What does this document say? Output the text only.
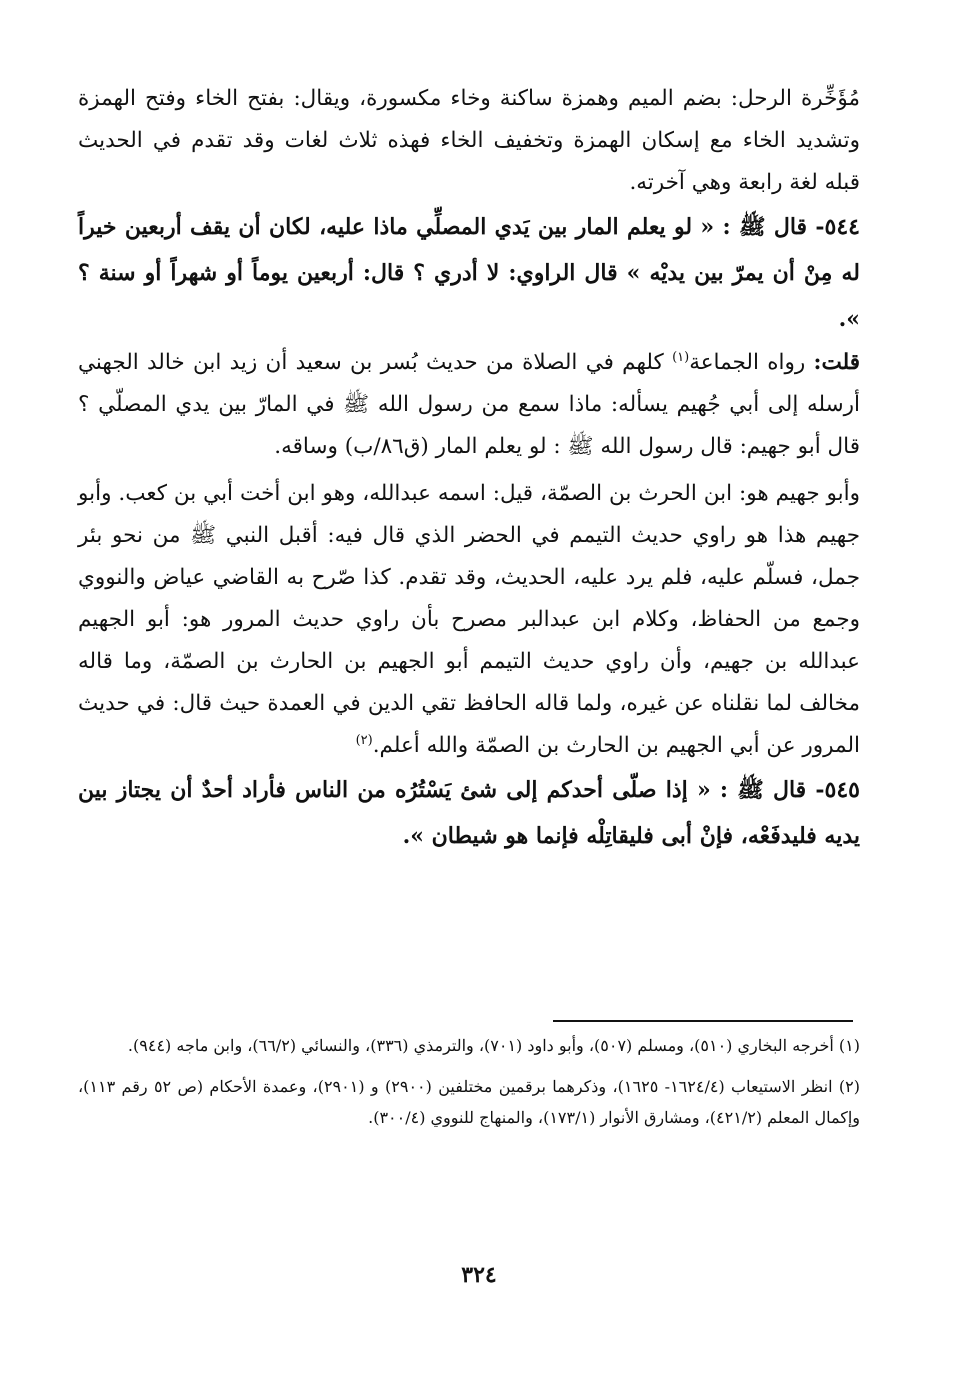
مُؤَخِّرة الرحل: بضم الميم وهمزة ساكنة وخاء مكسورة، ويقال: بفتح الخاء وفتح الهمزة وتشديد الخاء مع إسكان الهمزة وتخفيف الخاء فهذه ثلاث لغات وقد تقدم في الحديث قبله لغة رابعة وهي آخرته.

٥٤٤- قال ﷺ : « لو يعلم المار بين يَدي المصلِّي ماذا عليه، لكان أن يقف أربعين خيراً له مِنْ أن يمرّ بين يديْه » قال الراوي: لا أدري ؟ قال: أربعين يوماً أو شهراً أو سنة ؟ ».

قلت: رواه الجماعة$^{(١)}$ كلهم في الصلاة من حديث بُسر بن سعيد أن زيد ابن خالد الجهني أرسله إلى أبي جُهيم يسأله: ماذا سمع من رسول الله ﷺ في المارّ بين يدي المصلّي ؟ قال أبو جهيم: قال رسول الله ﷺ : لو يعلم المار (ق٨٦/ب) وساقه.

وأبو جهيم هو: ابن الحرث بن الصمّة، قيل: اسمه عبدالله، وهو ابن أخت أبي بن كعب. وأبو جهيم هذا هو راوي حديث التيمم في الحضر الذي قال فيه: أقبل النبي ﷺ من نحو بئر جمل، فسلّم عليه، فلم يرد عليه، الحديث، وقد تقدم. كذا صّرح به القاضي عياض والنووي وجمع من الحفاظ، وكلام ابن عبدالبر مصرح بأن راوي حديث المرور هو: أبو الجهيم عبدالله بن جهيم، وأن راوي حديث التيمم أبو الجهيم بن الحارث بن الصمّة، وما قاله مخالف لما نقلناه عن غيره، ولما قاله الحافظ تقي الدين في العمدة حيث قال: في حديث المرور عن أبي الجهيم بن الحارث بن الصمّة والله أعلم.$^{(٢)}$

٥٤٥- قال ﷺ : « إذا صلّى أحدكم إلى شئ يَسْتُرُه من الناس فأراد أحدٌ أن يجتاز بين يديه فليدفَعْه، فإنْ أبى فليقاتِلْه فإنما هو شيطان ».

(١) أخرجه البخاري (٥١٠)، ومسلم (٥٠٧)، وأبو داود (٧٠١)، والترمذي (٣٣٦)، والنسائي (٦٦/٢)، وابن ماجه (٩٤٤).

(٢) انظر الاستيعاب (١٦٢٤/٤- ١٦٢٥)، وذكرهما برقمين مختلفين (٢٩٠٠) و (٢٩٠١)، وعمدة الأحكام (ص ٥٢ رقم ١١٣)، وإكمال المعلم (٤٢١/٢)، ومشارق الأنوار (١٧٣/١)، والمنهاج للنووي (٣٠٠/٤).

٣٢٤
